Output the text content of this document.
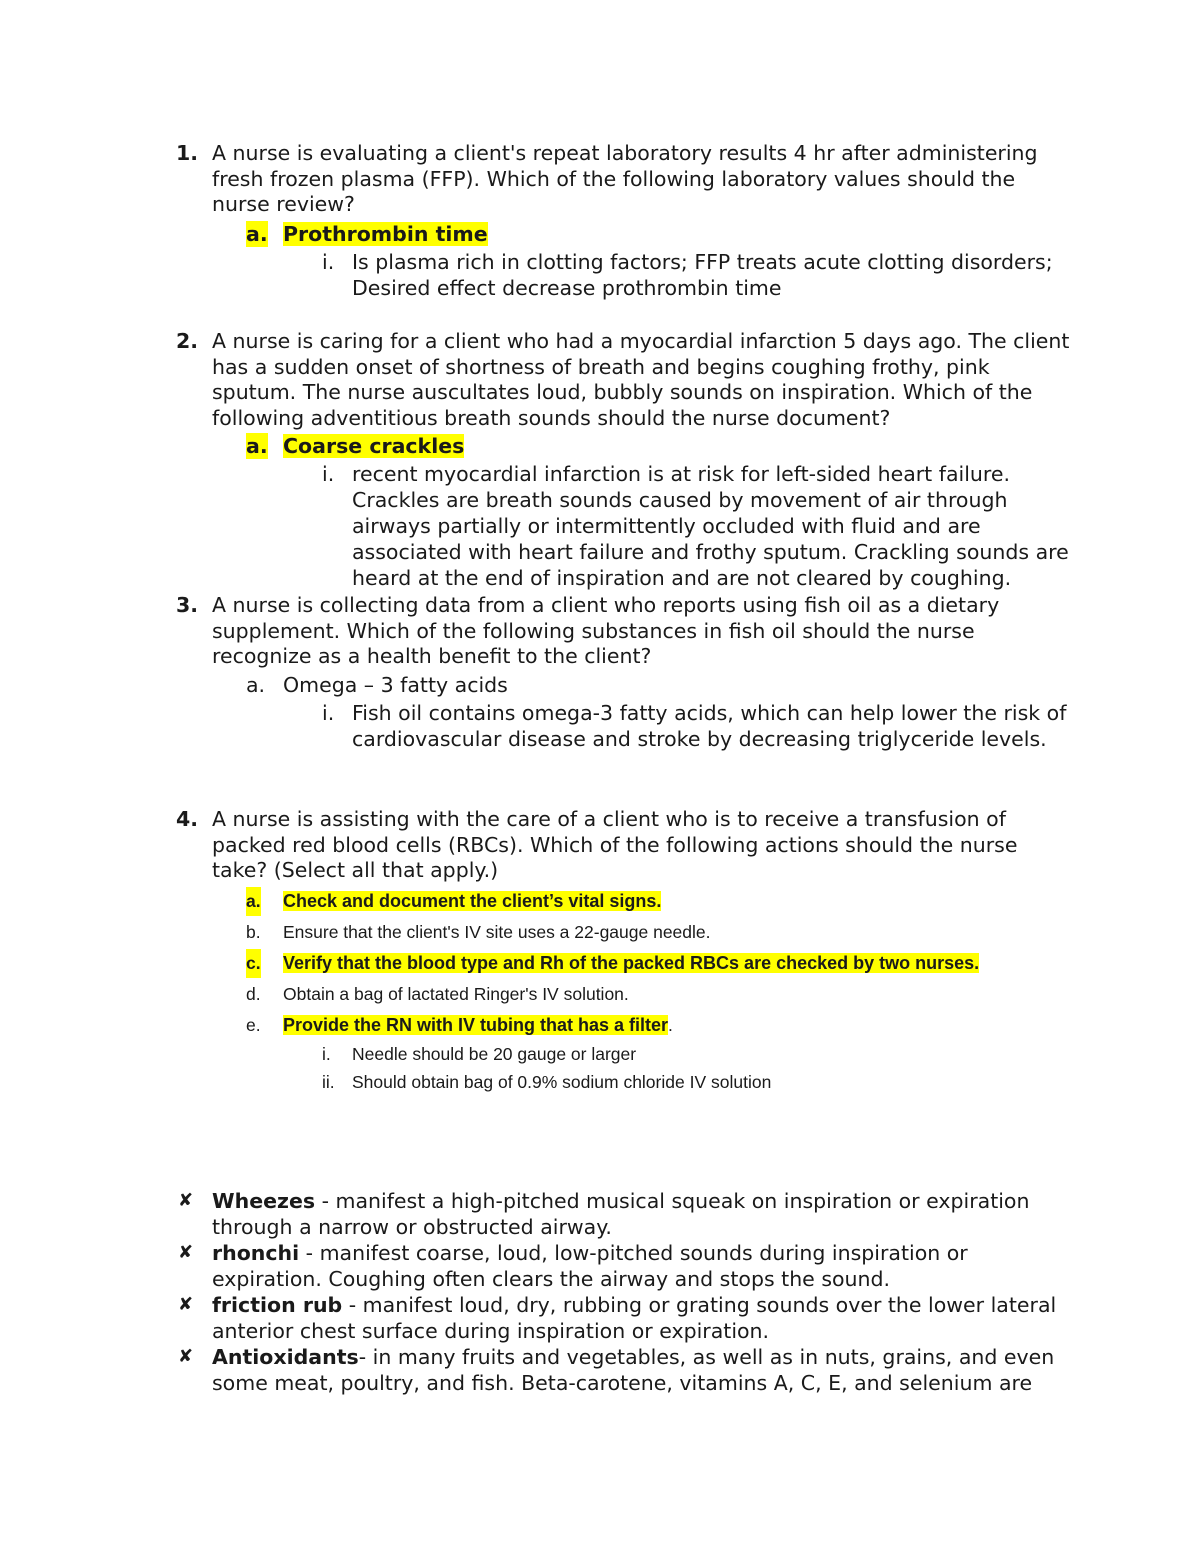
1. A nurse is evaluating a client's repeat laboratory results 4 hr after administering fresh frozen plasma (FFP). Which of the following laboratory values should the nurse review?
a. Prothrombin time
i. Is plasma rich in clotting factors; FFP treats acute clotting disorders; Desired effect decrease prothrombin time
2. A nurse is caring for a client who had a myocardial infarction 5 days ago. The client has a sudden onset of shortness of breath and begins coughing frothy, pink sputum. The nurse auscultates loud, bubbly sounds on inspiration. Which of the following adventitious breath sounds should the nurse document?
a. Coarse crackles
i. recent myocardial infarction is at risk for left-sided heart failure. Crackles are breath sounds caused by movement of air through airways partially or intermittently occluded with fluid and are associated with heart failure and frothy sputum. Crackling sounds are heard at the end of inspiration and are not cleared by coughing.
3. A nurse is collecting data from a client who reports using fish oil as a dietary supplement. Which of the following substances in fish oil should the nurse recognize as a health benefit to the client?
a. Omega – 3 fatty acids
i. Fish oil contains omega-3 fatty acids, which can help lower the risk of cardiovascular disease and stroke by decreasing triglyceride levels.
4. A nurse is assisting with the care of a client who is to receive a transfusion of packed red blood cells (RBCs). Which of the following actions should the nurse take? (Select all that apply.)
a. Check and document the client’s vital signs.
b. Ensure that the client's IV site uses a 22-gauge needle.
c. Verify that the blood type and Rh of the packed RBCs are checked by two nurses.
d. Obtain a bag of lactated Ringer's IV solution.
e. Provide the RN with IV tubing that has a filter.
i. Needle should be 20 gauge or larger
ii. Should obtain bag of 0.9% sodium chloride IV solution
✘ Wheezes - manifest a high-pitched musical squeak on inspiration or expiration through a narrow or obstructed airway.
✘ rhonchi - manifest coarse, loud, low-pitched sounds during inspiration or expiration. Coughing often clears the airway and stops the sound.
✘ friction rub - manifest loud, dry, rubbing or grating sounds over the lower lateral anterior chest surface during inspiration or expiration.
✘ Antioxidants- in many fruits and vegetables, as well as in nuts, grains, and even some meat, poultry, and fish. Beta-carotene, vitamins A, C, E, and selenium are
